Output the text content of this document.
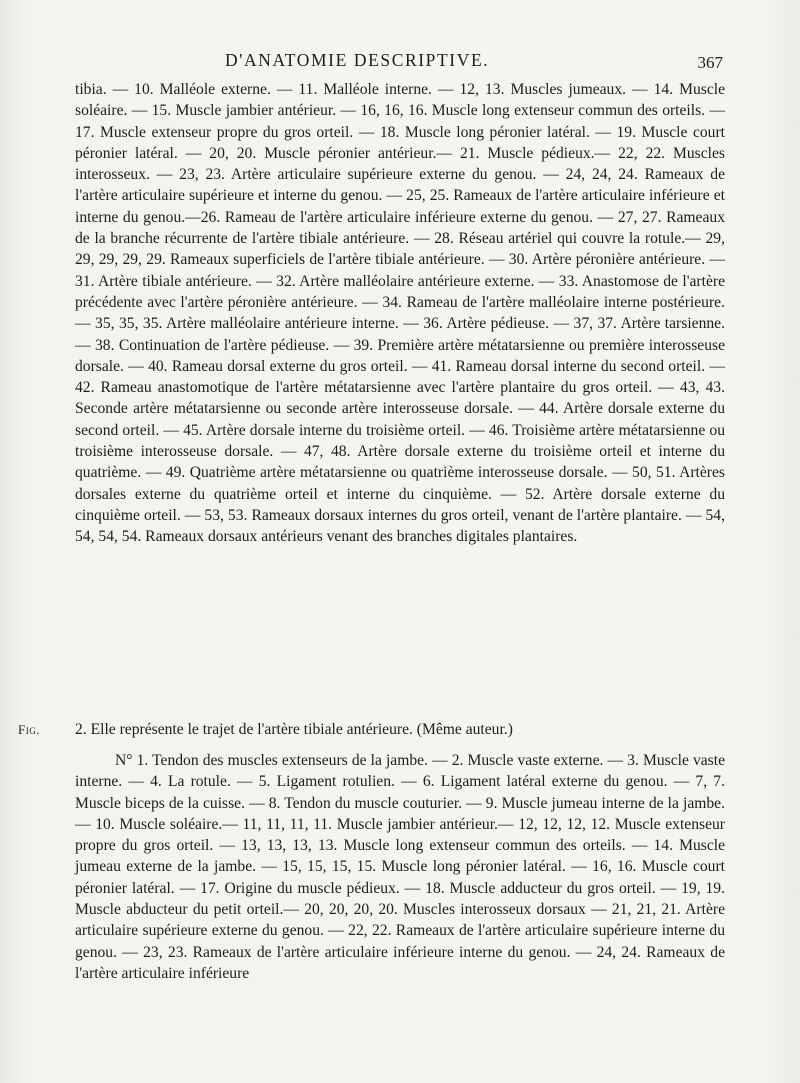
D'ANATOMIE DESCRIPTIVE.	367

tibia. — 10. Malléole externe. — 11. Malléole interne. — 12, 13. Muscles jumeaux. — 14. Muscle soléaire. — 15. Muscle jambier antérieur. — 16, 16, 16. Muscle long extenseur commun des orteils. — 17. Muscle extenseur propre du gros orteil. — 18. Muscle long péronier latéral. — 19. Muscle court péronier latéral. — 20, 20. Muscle péronier antérieur.— 21. Muscle pédieux.— 22, 22. Muscles interosseux. — 23, 23. Artère articulaire supérieure externe du genou. — 24, 24, 24. Rameaux de l'artère articulaire supérieure et interne du genou. — 25, 25. Rameaux de l'artère articulaire inférieure et interne du genou.—26. Rameau de l'artère articulaire inférieure externe du genou. — 27, 27. Rameaux de la branche récurrente de l'artère tibiale antérieure. — 28. Réseau artériel qui couvre la rotule.— 29, 29, 29, 29, 29. Rameaux superficiels de l'artère tibiale antérieure. — 30. Artère péronière antérieure. — 31. Artère tibiale antérieure. — 32. Artère malléolaire antérieure externe. — 33. Anastomose de l'artère précédente avec l'artère péronière antérieure. — 34. Rameau de l'artère malléolaire interne postérieure. — 35, 35, 35. Artère malléolaire antérieure interne. — 36. Artère pédieuse. — 37, 37. Artère tarsienne. — 38. Continuation de l'artère pédieuse. — 39. Première artère métatarsienne ou première interosseuse dorsale. — 40. Rameau dorsal externe du gros orteil. — 41. Rameau dorsal interne du second orteil. — 42. Rameau anastomotique de l'artère métatarsienne avec l'artère plantaire du gros orteil. — 43, 43. Seconde artère métatarsienne ou seconde artère interosseuse dorsale. — 44. Artère dorsale externe du second orteil. — 45. Artère dorsale interne du troisième orteil. — 46. Troisième artère métatarsienne ou troisième interosseuse dorsale. — 47, 48. Artère dorsale externe du troisième orteil et interne du quatrième. — 49. Quatrième artère métatarsienne ou quatrième interosseuse dorsale. — 50, 51. Artères dorsales externe du quatrième orteil et interne du cinquième. — 52. Artère dorsale externe du cinquième orteil. — 53, 53. Rameaux dorsaux internes du gros orteil, venant de l'artère plantaire. — 54, 54, 54, 54. Rameaux dorsaux antérieurs venant des branches digitales plantaires.

Fig. 2. Elle représente le trajet de l'artère tibiale antérieure. (Même auteur.)

N° 1. Tendon des muscles extenseurs de la jambe. — 2. Muscle vaste externe. — 3. Muscle vaste interne. — 4. La rotule. — 5. Ligament rotulien. — 6. Ligament latéral externe du genou. — 7, 7. Muscle biceps de la cuisse. — 8. Tendon du muscle couturier. — 9. Muscle jumeau interne de la jambe. — 10. Muscle soléaire.— 11, 11, 11, 11. Muscle jambier antérieur.— 12, 12, 12, 12. Muscle extenseur propre du gros orteil. — 13, 13, 13, 13. Muscle long extenseur commun des orteils. — 14. Muscle jumeau externe de la jambe. — 15, 15, 15, 15. Muscle long péronier latéral. — 16, 16. Muscle court péronier latéral. — 17. Origine du muscle pédieux. — 18. Muscle adducteur du gros orteil. — 19, 19. Muscle abducteur du petit orteil.— 20, 20, 20, 20. Muscles interosseux dorsaux — 21, 21, 21. Artère articulaire supérieure externe du genou. — 22, 22. Rameaux de l'artère articulaire supérieure interne du genou. — 23, 23. Rameaux de l'artère articulaire inférieure interne du genou. — 24, 24. Rameaux de l'artère articulaire inférieure
